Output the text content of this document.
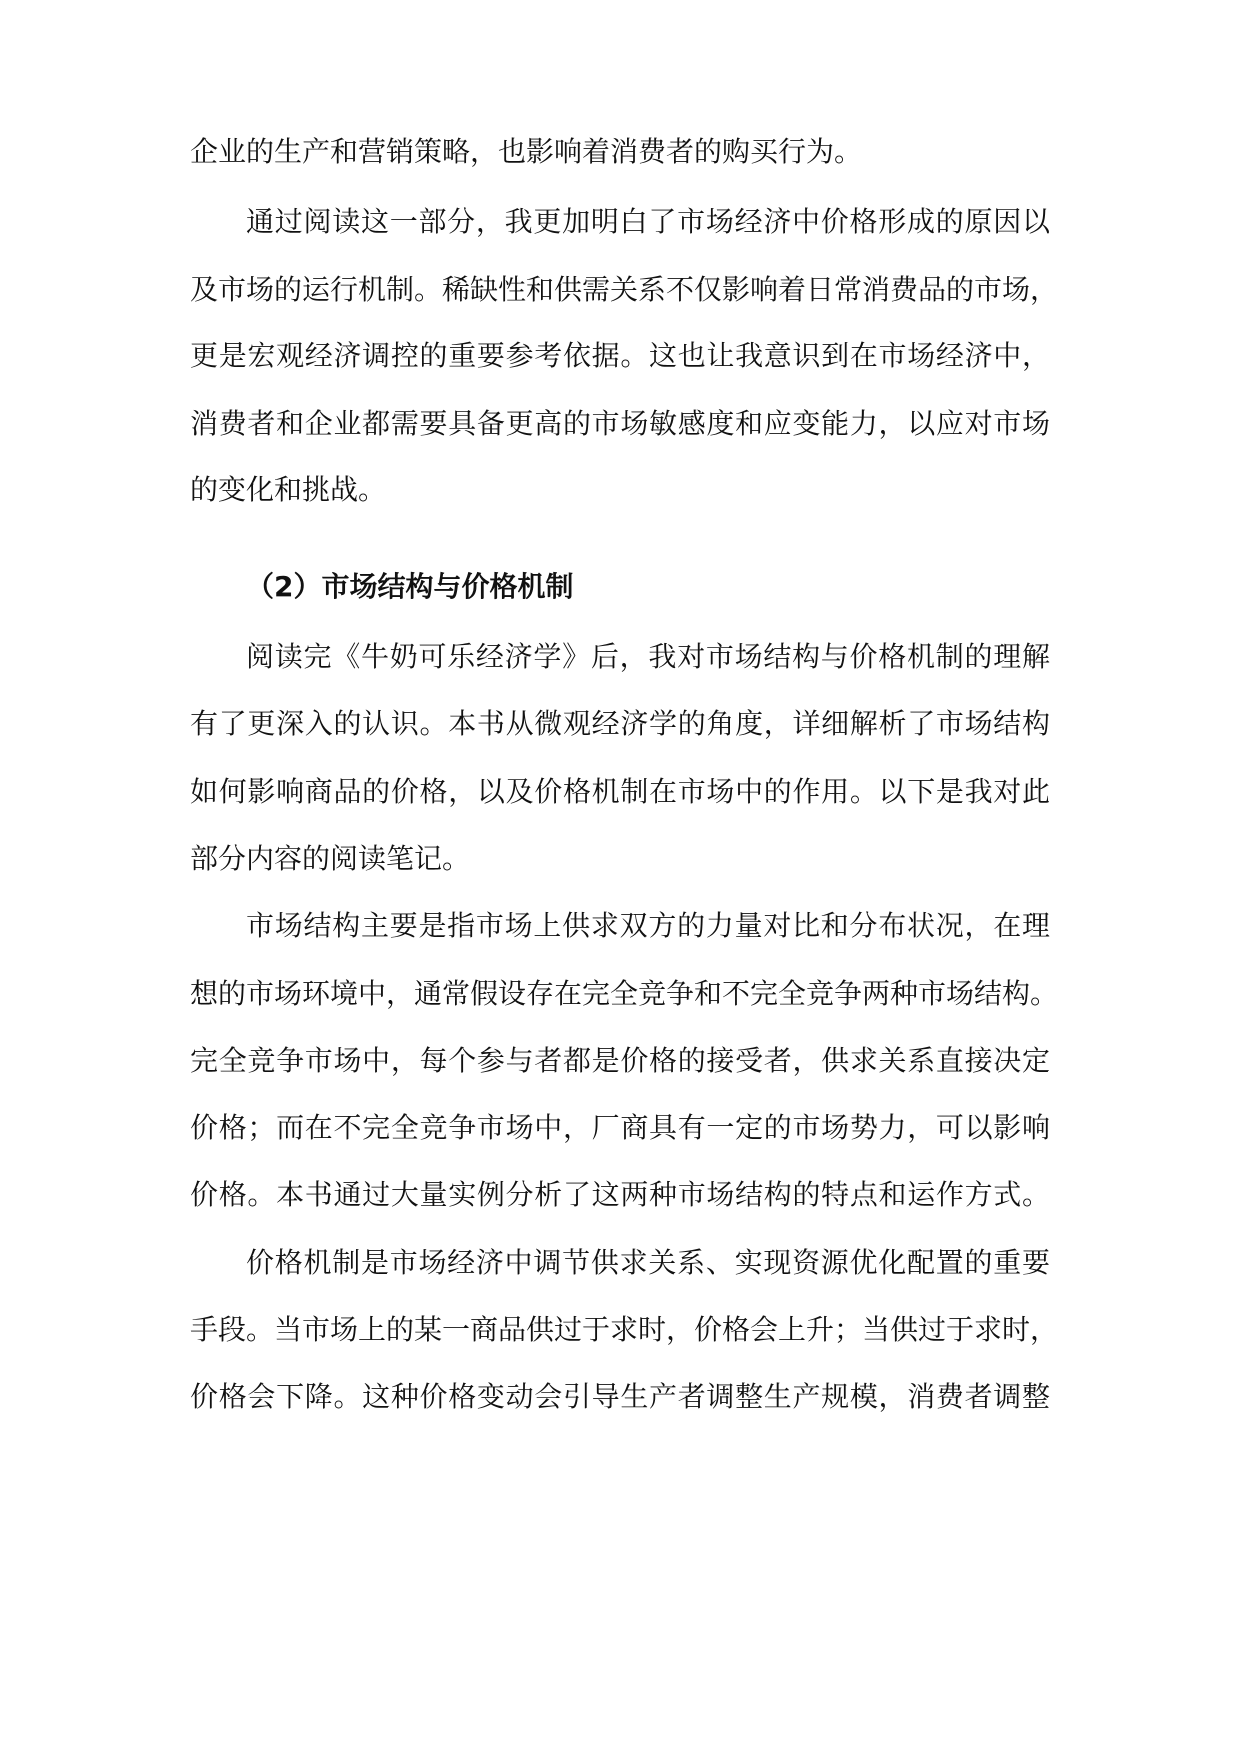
企业的生产和营销策略，也影响着消费者的购买行为。
通过阅读这一部分，我更加明白了市场经济中价格形成的原因以
及市场的运行机制。稀缺性和供需关系不仅影响着日常消费品的市场，
更是宏观经济调控的重要参考依据。这也让我意识到在市场经济中，
消费者和企业都需要具备更高的市场敏感度和应变能力，以应对市场
的变化和挑战。
（2）市场结构与价格机制
阅读完《牛奶可乐经济学》后，我对市场结构与价格机制的理解
有了更深入的认识。本书从微观经济学的角度，详细解析了市场结构
如何影响商品的价格，以及价格机制在市场中的作用。以下是我对此
部分内容的阅读笔记。
市场结构主要是指市场上供求双方的力量对比和分布状况，在理
想的市场环境中，通常假设存在完全竞争和不完全竞争两种市场结构。
完全竞争市场中，每个参与者都是价格的接受者，供求关系直接决定
价格；而在不完全竞争市场中，厂商具有一定的市场势力，可以影响
价格。本书通过大量实例分析了这两种市场结构的特点和运作方式。
价格机制是市场经济中调节供求关系、实现资源优化配置的重要
手段。当市场上的某一商品供过于求时，价格会上升；当供过于求时，
价格会下降。这种价格变动会引导生产者调整生产规模，消费者调整
